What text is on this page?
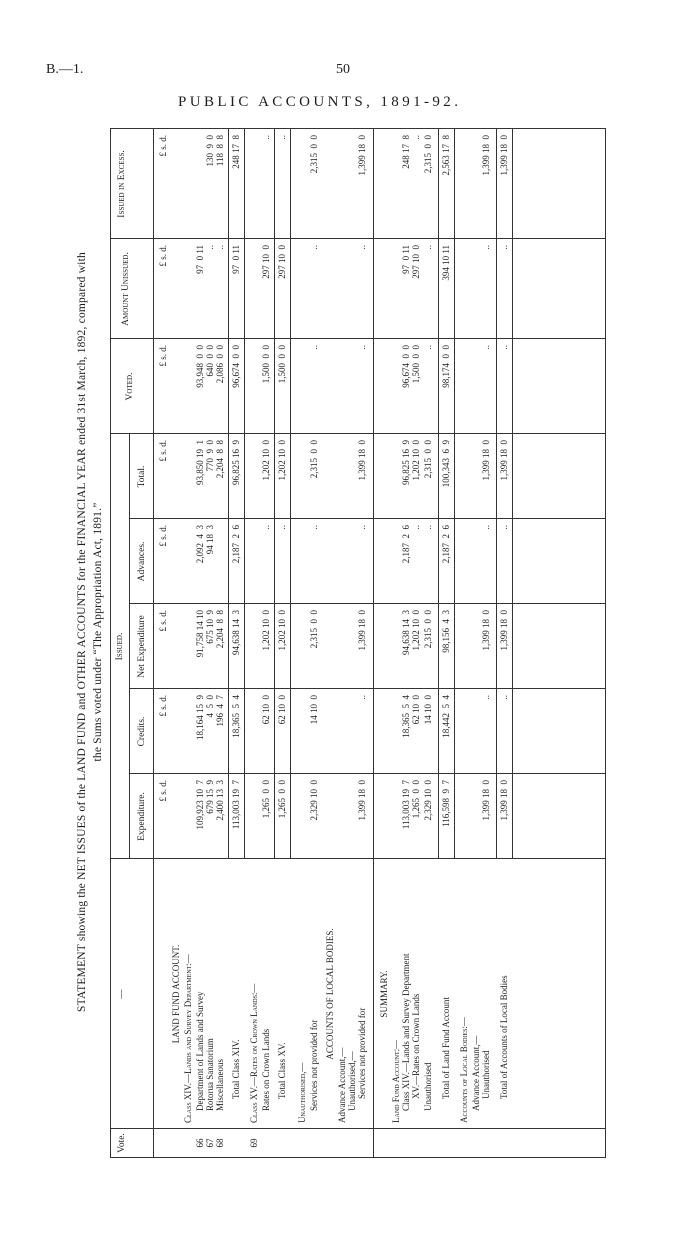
B.—1.	50
PUBLIC ACCOUNTS, 1891-92.
STATEMENT showing the NET ISSUES of the LAND FUND and OTHER ACCOUNTS for the FINANCIAL YEAR ended 31st March, 1892, compared with the Sums voted under “The Appropriation Act, 1891.”
Vote.
—
Issued.
Expenditure.
Credits.
Net Expenditure
Advances.
Total.
Voted.
Amount Unissued.
Issued in Excess.
£ s. d.
£ s. d.
£ s. d.
£ s. d.
£ s. d.
£ s. d.
£ s. d.
£ s. d.
LAND FUND ACCOUNT. Class XIV.—Lands and Survey Department:—
66
Department of Lands and Survey
109,923 10  7
18,164 15  9
91,758 14 10
2,092  4  3
93,850 19  1
93,948  0  0
97  0 11
67
Rotorua Sanatorium
679 15  9
4  5  0
675 10  9
94 18  3
770  9  0
640  0  0
..
130  9  0
68
Miscellaneous
2,400 13  3
196  4  7
2,204  8  8
2,204  8  8
2,086  0  0
..
118  8  8
Total Class XIV.
113,003 19  7
18,365  5  4
94,638 14  3
2,187  2  6
96,825 16  9
96,674  0  0
97  0 11
248 17  8
69
Class XV.—Rates on Crown Lands:— Rates on Crown Lands
1,265  0  0
62 10  0
1,202 10  0
..
1,202 10  0
1,500  0  0
297 10  0
..
Total Class XV.
1,265  0  0
62 10  0
1,202 10  0
..
1,202 10  0
1,500  0  0
297 10  0
..
Unauthorised,— Services not provided for
2,329 10  0
14 10  0
2,315  0  0
..
2,315  0  0
..
..
2,315  0  0
ACCOUNTS OF LOCAL BODIES.
Advance Account,— Unauthorised,— Services not provided for
1,399 18  0
..
1,399 18  0
..
1,399 18  0
..
..
1,399 18  0
SUMMARY.
Land Fund Account:— Class XIV.—Lands and Survey Department
113,003 19  7
18,365  5  4
94,638 14  3
2,187  2  6
96,825 16  9
96,674  0  0
97  0 11
248 17  8
XV.—Rates on Crown Lands
1,265  0  0
62 10  0
1,202 10  0
..
1,202 10  0
1,500  0  0
297 10  0
..
Unauthorised
2,329 10  0
14 10  0
2,315  0  0
..
2,315  0  0
..
..
2,315  0  0
Total of Land Fund Account
116,598  9  7
18,442  5  4
98,156  4  3
2,187  2  6
100,343  6  9
98,174  0  0
394 10 11
2,563 17  8
Accounts of Local Bodies:— Advance Account,— Unauthorised
1,399 18  0
..
1,399 18  0
..
1,399 18  0
..
..
1,399 18  0
Total of Accounts of Local Bodies
1,399 18  0
..
1,399 18  0
..
1,399 18  0
..
..
1,399 18  0
